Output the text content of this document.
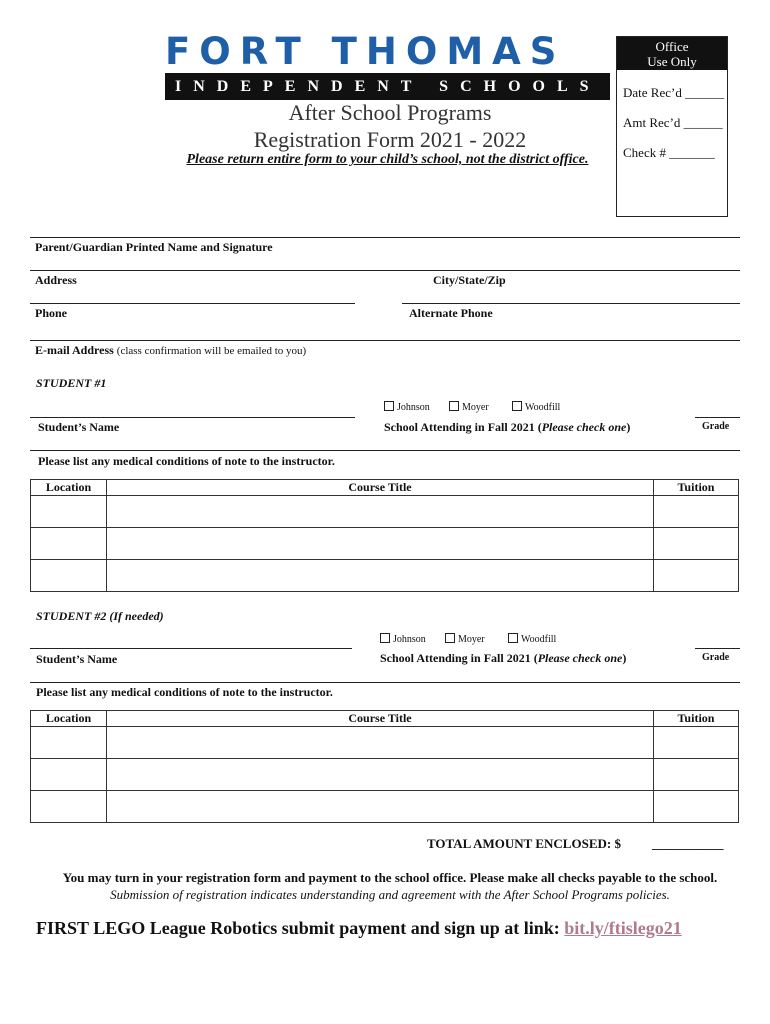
FORT THOMAS
INDEPENDENT SCHOOLS
Office
Use Only
Date Rec’d ______
Amt Rec’d ______
Check # _______
After School Programs
Registration Form 2021 - 2022
Please return entire form to your child’s school, not the district office.
Parent/Guardian Printed Name and Signature
Address	City/State/Zip
Phone	Alternate Phone
E-mail Address (class confirmation will be emailed to you)
STUDENT #1
Johnson	Moyer	Woodfill
Student’s Name	School Attending in Fall 2021 (Please check one)	Grade
Please list any medical conditions of note to the instructor.
Location	Course Title	Tuition

STUDENT #2 (If needed)
Johnson	Moyer	Woodfill
Student’s Name	School Attending in Fall 2021 (Please check one)	Grade
Please list any medical conditions of note to the instructor.
Location	Course Title	Tuition

TOTAL AMOUNT ENCLOSED: $ ___________
You may turn in your registration form and payment to the school office. Please make all checks payable to the school.
Submission of registration indicates understanding and agreement with the After School Programs policies.
FIRST LEGO League Robotics submit payment and sign up at link: bit.ly/ftislego21
